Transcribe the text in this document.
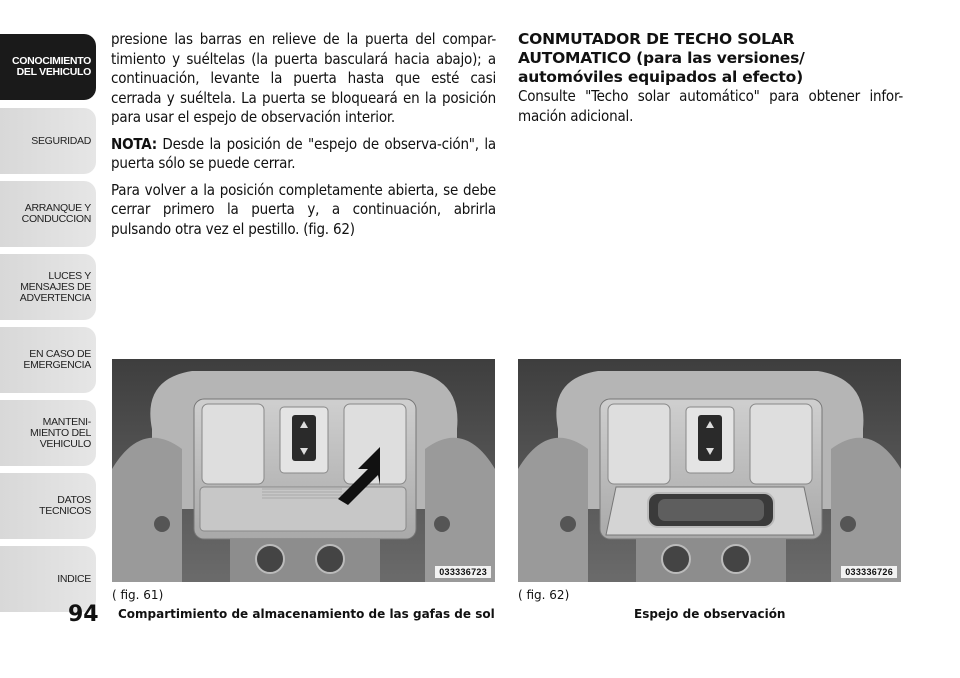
CONOCIMIENTO
DEL VEHICULO
SEGURIDAD
ARRANQUE Y
CONDUCCION
LUCES Y
MENSAJES DE
ADVERTENCIA
EN CASO DE
EMERGENCIA
MANTENI-
MIENTO DEL
VEHICULO
DATOS
TECNICOS
INDICE
94

presione las barras en relieve de la puerta del compar-timiento y suéltelas (la puerta basculará hacia abajo); a continuación, levante la puerta hasta que esté casi cerrada y suéltela. La puerta se bloqueará en la posición para usar el espejo de observación interior.

NOTA: Desde la posición de "espejo de observa-ción", la puerta sólo se puede cerrar.

Para volver a la posición completamente abierta, se debe cerrar primero la puerta y, a continuación, abrirla pulsando otra vez el pestillo. (fig. 62)

CONMUTADOR DE TECHO SOLAR AUTOMATICO (para las versiones/ automóviles equipados al efecto)

Consulte "Techo solar automático" para obtener infor-mación adicional.

033336723
( fig. 61)
Compartimiento de almacenamiento de las gafas de sol
033336726
( fig. 62)
Espejo de observación
